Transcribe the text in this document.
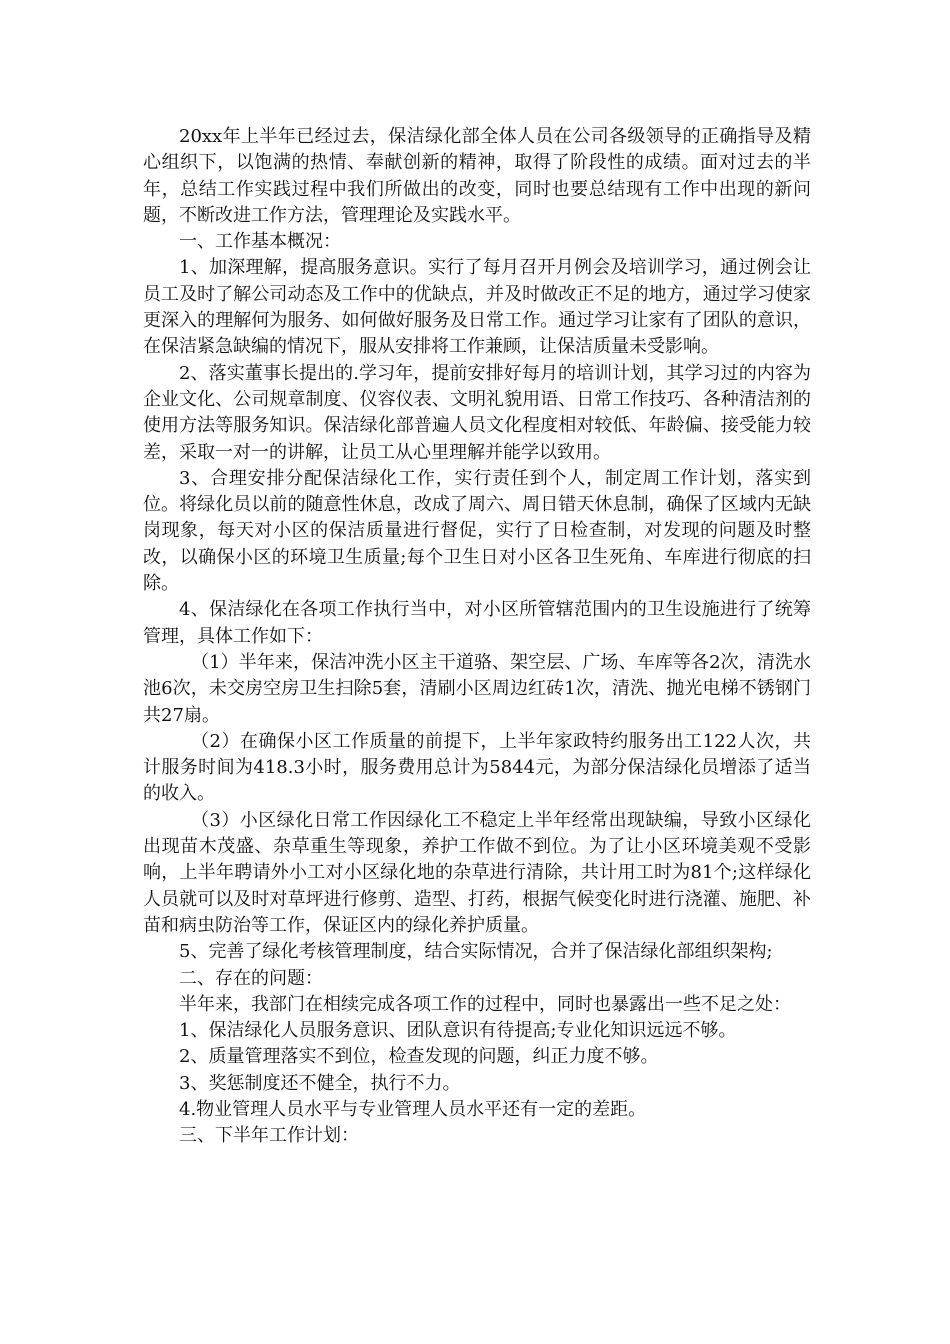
20xx年上半年已经过去，保洁绿化部全体人员在公司各级领导的正确指导及精心组织下，以饱满的热情、奉献创新的精神，取得了阶段性的成绩。面对过去的半年，总结工作实践过程中我们所做出的改变，同时也要总结现有工作中出现的新问题，不断改进工作方法，管理理论及实践水平。

一、工作基本概况：

1、加深理解，提高服务意识。实行了每月召开月例会及培训学习，通过例会让员工及时了解公司动态及工作中的优缺点，并及时做改正不足的地方，通过学习使家更深入的理解何为服务、如何做好服务及日常工作。通过学习让家有了团队的意识，在保洁紧急缺编的情况下，服从安排将工作兼顾，让保洁质量未受影响。

2、落实董事长提出的.学习年，提前安排好每月的培训计划，其学习过的内容为企业文化、公司规章制度、仪容仪表、文明礼貌用语、日常工作技巧、各种清洁剂的使用方法等服务知识。保洁绿化部普遍人员文化程度相对较低、年龄偏、接受能力较差，采取一对一的讲解，让员工从心里理解并能学以致用。

3、合理安排分配保洁绿化工作，实行责任到个人，制定周工作计划，落实到位。将绿化员以前的随意性休息，改成了周六、周日错天休息制，确保了区域内无缺岗现象，每天对小区的保洁质量进行督促，实行了日检查制，对发现的问题及时整改，以确保小区的环境卫生质量;每个卫生日对小区各卫生死角、车库进行彻底的扫除。

4、保洁绿化在各项工作执行当中，对小区所管辖范围内的卫生设施进行了统筹管理，具体工作如下：

（1）半年来，保洁冲洗小区主干道骆、架空层、广场、车库等各2次，清洗水池6次，未交房空房卫生扫除5套，清刷小区周边红砖1次，清洗、抛光电梯不锈钢门共27扇。

（2）在确保小区工作质量的前提下，上半年家政特约服务出工122人次，共计服务时间为418.3小时，服务费用总计为5844元，为部分保洁绿化员增添了适当的收入。

（3）小区绿化日常工作因绿化工不稳定上半年经常出现缺编，导致小区绿化出现苗木茂盛、杂草重生等现象，养护工作做不到位。为了让小区环境美观不受影响，上半年聘请外小工对小区绿化地的杂草进行清除，共计用工时为81个;这样绿化人员就可以及时对草坪进行修剪、造型、打药，根据气候变化时进行浇灌、施肥、补苗和病虫防治等工作，保证区内的绿化养护质量。

5、完善了绿化考核管理制度，结合实际情况，合并了保洁绿化部组织架构;

二、存在的问题：

半年来，我部门在相续完成各项工作的过程中，同时也暴露出一些不足之处：

1、保洁绿化人员服务意识、团队意识有待提高;专业化知识远远不够。

2、质量管理落实不到位，检查发现的问题，纠正力度不够。

3、奖惩制度还不健全，执行不力。

4.物业管理人员水平与专业管理人员水平还有一定的差距。

三、下半年工作计划：
